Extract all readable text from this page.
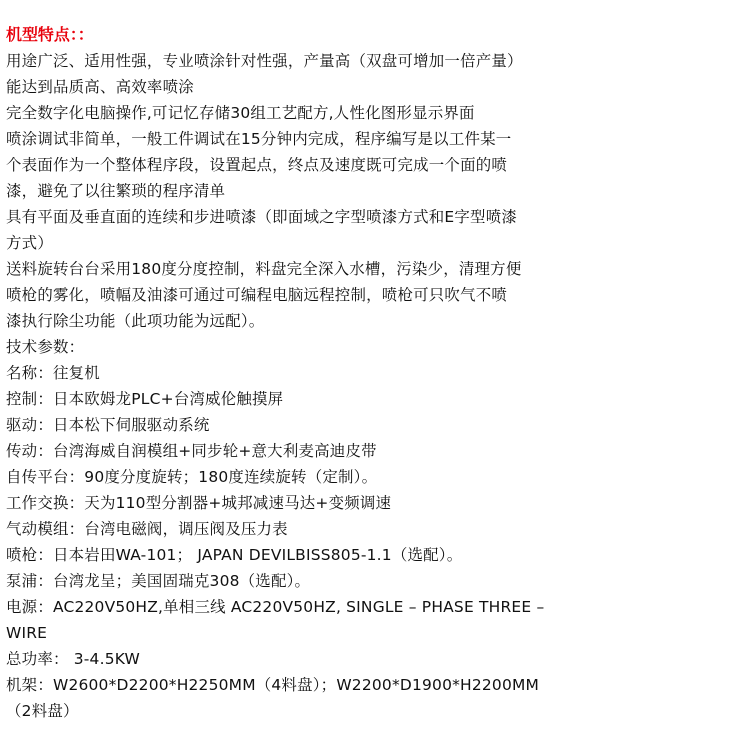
机型特点：：
用途广泛、适用性强，专业喷涂针对性强，产量高（双盘可增加一倍产量）
能达到品质高、高效率喷涂
完全数字化电脑操作,可记忆存储30组工艺配方,人性化图形显示界面
喷涂调试非简单，一般工件调试在15分钟内完成，程序编写是以工件某一
个表面作为一个整体程序段，设置起点，终点及速度既可完成一个面的喷
漆，避免了以往繁琐的程序清单
具有平面及垂直面的连续和步进喷漆（即面域之字型喷漆方式和E字型喷漆
方式）
送料旋转台台采用180度分度控制，料盘完全深入水槽，污染少，清理方便
喷枪的雾化，喷幅及油漆可通过可编程电脑远程控制，喷枪可只吹气不喷
漆执行除尘功能（此项功能为远配）。
技术参数：
名称：往复机
控制：日本欧姆龙PLC+台湾威伦触摸屏
驱动：日本松下伺服驱动系统
传动：台湾海威自润模组+同步轮+意大利麦高迪皮带
自传平台：90度分度旋转；180度连续旋转（定制）。
工作交换：天为110型分割器+城邦减速马达+变频调速
气动模组：台湾电磁阀，调压阀及压力表
喷枪：日本岩田WA-101； JAPAN DEVILBISS805-1.1（选配）。
泵浦：台湾龙呈；美国固瑞克308（选配）。
电源：AC220V50HZ,单相三线 AC220V50HZ, SINGLE – PHASE THREE –
WIRE
总功率： 3-4.5KW
机架：W2600*D2200*H2250MM（4料盘）；W2200*D1900*H2200MM
（2料盘）
